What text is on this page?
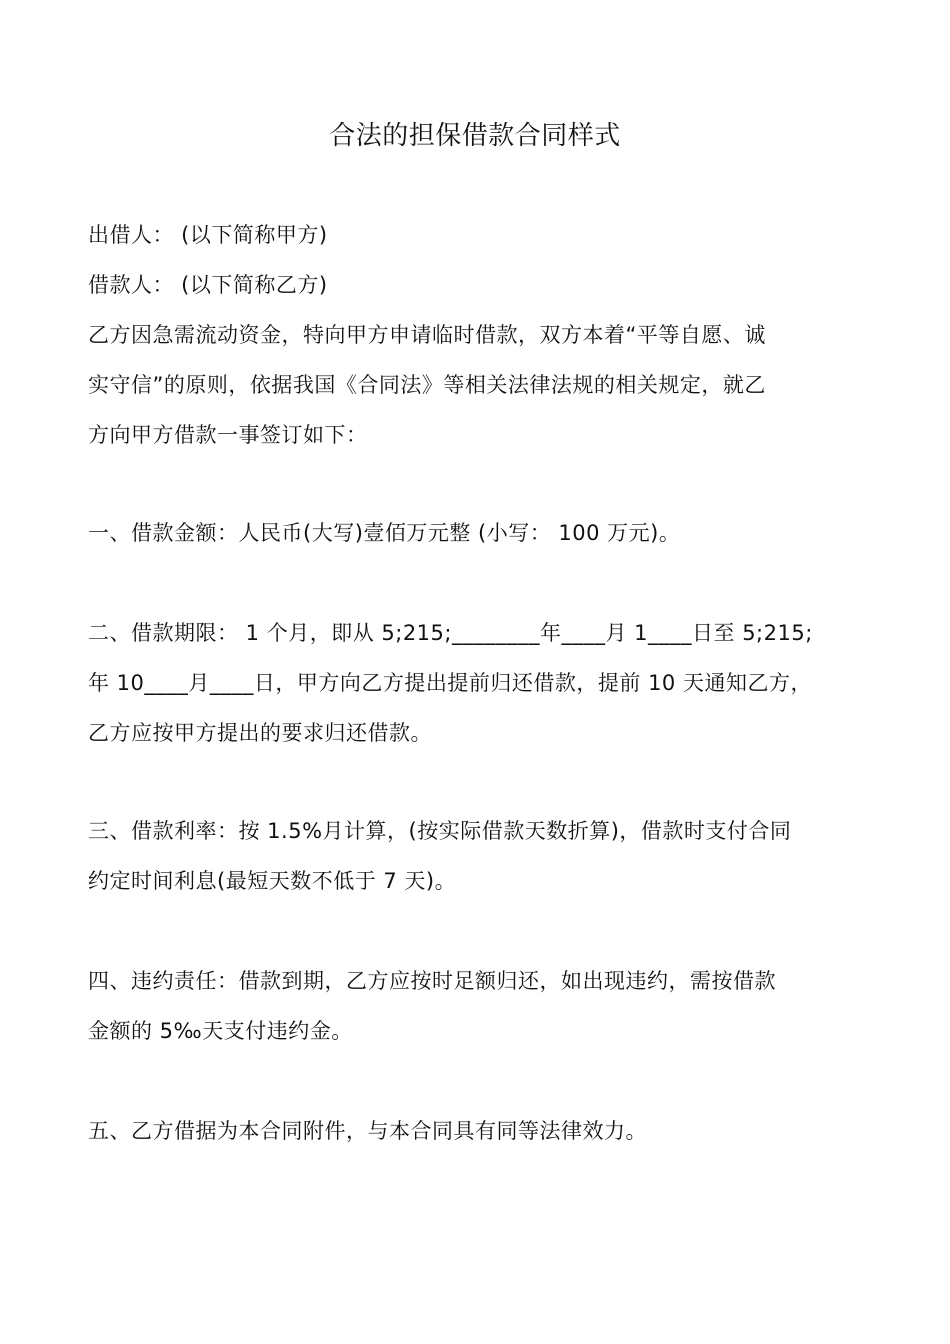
合法的担保借款合同样式
出借人： (以下简称甲方)
借款人： (以下简称乙方)
乙方因急需流动资金，特向甲方申请临时借款，双方本着“平等自愿、诚
实守信”的原则，依据我国《合同法》等相关法律法规的相关规定，就乙
方向甲方借款一事签订如下：
一、借款金额：人民币(大写)壹佰万元整 (小写： 100 万元)。
二、借款期限： 1 个月，即从 5;215;________年____月 1____日至 5;215;
年 10____月____日，甲方向乙方提出提前归还借款，提前 10 天通知乙方，
乙方应按甲方提出的要求归还借款。
三、借款利率：按 1.5%月计算，(按实际借款天数折算)，借款时支付合同
约定时间利息(最短天数不低于 7 天)。
四、违约责任：借款到期，乙方应按时足额归还，如出现违约，需按借款
金额的 5‰天支付违约金。
五、乙方借据为本合同附件，与本合同具有同等法律效力。
